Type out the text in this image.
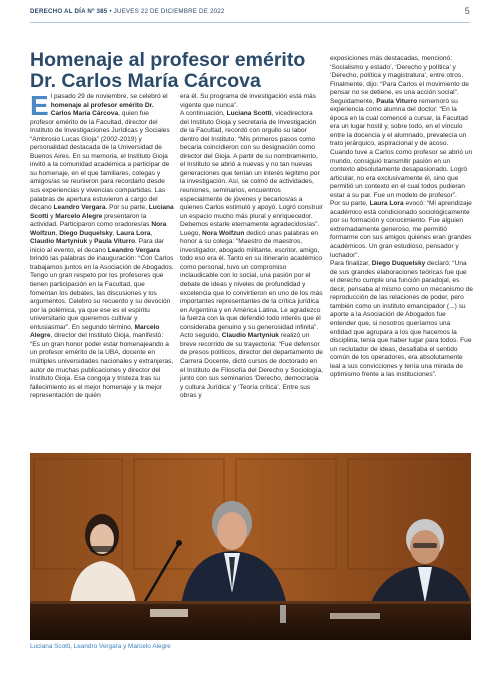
DERECHO AL DÍA Nº 385 • JUEVES 22 DE DICIEMBRE DE 2022	5
Homenaje al profesor emérito
Dr. Carlos María Cárcova

El pasado 29 de noviembre, se celebró el homenaje al profesor emérito Dr. Carlos María Cárcova, quien fue profesor emérito de la Facultad, director del Instituto de Investigaciones Jurídicas y Sociales “Ambrosio Lucas Gioja” (2002-2019) y personalidad destacada de la Universidad de Buenos Aires. En su memoria, el Instituto Gioja invitó a la comunidad académica a participar de su homenaje, en el que familiares, colegas y amigos/as se reunieron para recordarlo desde sus experiencias y vivencias compartidas. Las palabras de apertura estuvieron a cargo del decano Leandro Vergara. Por su parte, Luciana Scotti y Marcelo Alegre presentaron la actividad. Participaron como oradores/as Nora Wolfzun, Diego Duquelsky, Laura Lora, Claudio Martyniuk y Paula Viturro. Para dar inicio al evento, el decano Leandro Vergara brindó las palabras de inauguración: “Con Carlos trabajamos juntos en la Asociación de Abogados. Tengo un gran respeto por los profesores que tienen participación en la Facultad, que fomentan los debates, las discusiones y los argumentos. Celebro su recuerdo y su devoción por la polémica, ya que ese es el espíritu universitario que queremos cultivar y entusiasmar”. En segundo término, Marcelo Alegre, director del Instituto Gioja, manifestó: “Es un gran honor poder estar homenajeando a un profesor emérito de la UBA, docente en múltiples universidades nacionales y extranjeras, autor de muchas publicaciones y director del Instituto Gioja. Esa congoja y tristeza tras su fallecimiento es el mejor homenaje y la mejor representación de quién

era él. Su programa de investigación está más vigente que nunca”.
A continuación, Luciana Scotti, vicedirectora del Instituto Gioja y secretaria de Investigación de la Facultad, recordó con orgullo su labor dentro del Instituto: “Mis primeros pasos como becaria coincidieron con su designación como director del Gioja. A partir de su nombramiento, el Instituto se abrió a nuevas y no tan nuevas generaciones que tenían un interés legítimo por la investigación. Así, se colmó de actividades, reuniones, seminarios, encuentros especialmente de jóvenes y becarios/as a quienes Carlos estimuló y apoyó. Logró construir un espacio mucho más plural y enriquecedor. Debemos estarle eternamente agradecidos/as”.
Luego, Nora Wolfzun dedicó unas palabras en honor a su colega: “Maestro de maestros, investigador, abogado militante, escritor, amigo, todo eso era él. Tanto en su itinerario académico como personal, tuvo un compromiso inclaudicable con lo social, una pasión por el debate de ideas y niveles de profundidad y excelencia que lo convirtieron en uno de los más importantes representantes de la crítica jurídica en Argentina y en América Latina. Le agradezco la fuerza con la que defendió todo interés que él consideraba genuino y su generosidad infinita”.
Acto seguido, Claudio Martyniuk realizó un breve recorrido de su trayectoria: “Fue defensor de presos políticos, director del departamento de Carrera Docente, dictó cursos de doctorado en el Instituto de Filosofía del Derecho y Sociología, junto con sus seminarios ‘Derecho, democracia y cultura Jurídica’ y ‘Teoría crítica’. Entre sus obras y

exposiciones más destacadas, mencionó: ‘Socialismo y estado’, ‘Derecho y política’ y ‘Derecho, política y magistratura’, entre otros. Finalmente, dijo: “Para Carlos el movimiento de pensar no se detiene, es una acción social”.
Seguidamente, Paula Viturro rememoró su experiencia como alumna del doctor: “En la época en la cual comencé a cursar, la Facultad era un lugar hostil y, sobre todo, en el vínculo entre la docencia y el alumnado, prevalecía un trato jerárquico, aspiracional y de acoso. Cuando tuve a Carlos como profesor se abrió un mundo, consiguió transmitir pasión en un contexto absolutamente desapasionado. Logró articular, no era exclusivamente él, sino que permitió un contexto en el cual todos pudieran estar a su par. Fue un modelo de profesor”.
Por su parte, Laura Lora evocó: “Mi aprendizaje académico está condicionado sociológicamente por su formación y conocimiento. Fue alguien extremadamente generoso, me permitió formarme con sus amigos quienes eran grandes académicos. Un gran estudioso, pensador y luchador”.
Para finalizar, Diego Duquelsky declaró: “Una de sus grandes elaboraciones teóricas fue que el derecho cumple una función paradojal, es decir, pensaba al mismo como un mecanismo de reproducción de las relaciones de poder, pero también como un instituto emancipador (...) su aporte a la Asociación de Abogados fue entender que, si nosotros queríamos una entidad que agrupara a los que hacemos la disciplina, tenía que haber lugar para todos. Fue un reclutador de ideas, desafiaba el sentido común de los operadores, era absolutamente leal a sus convicciones y tenía una mirada de optimismo frente a las instituciones”.

Luciana Scotti, Leandro Vergara y Marcelo Alegre
